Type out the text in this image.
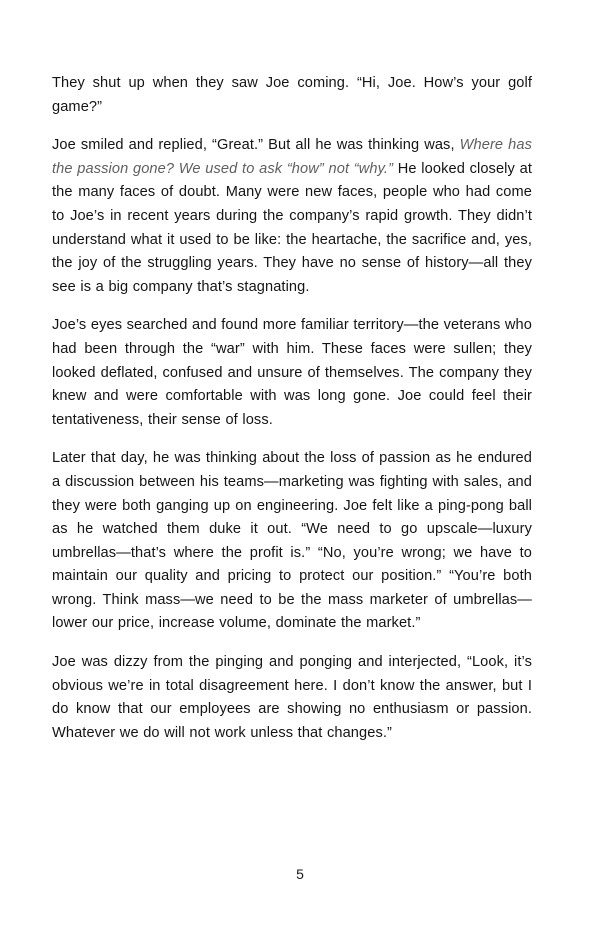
They shut up when they saw Joe coming. “Hi, Joe. How’s your golf game?”

Joe smiled and replied, “Great.” But all he was thinking was, Where has the passion gone? We used to ask “how” not “why.” He looked closely at the many faces of doubt. Many were new faces, people who had come to Joe’s in recent years during the company’s rapid growth. They didn’t understand what it used to be like: the heartache, the sacrifice and, yes, the joy of the struggling years. They have no sense of history—all they see is a big company that’s stagnating.

Joe’s eyes searched and found more familiar territory—the veterans who had been through the “war” with him. These faces were sullen; they looked deflated, confused and unsure of themselves. The company they knew and were comfortable with was long gone. Joe could feel their tentativeness, their sense of loss.

Later that day, he was thinking about the loss of passion as he endured a discussion between his teams—marketing was fighting with sales, and they were both ganging up on engineering. Joe felt like a ping-pong ball as he watched them duke it out. “We need to go upscale—luxury umbrellas—that’s where the profit is.” “No, you’re wrong; we have to maintain our quality and pricing to protect our position.” “You’re both wrong. Think mass—we need to be the mass marketer of umbrellas—lower our price, increase volume, dominate the market.”

Joe was dizzy from the pinging and ponging and interjected, “Look, it’s obvious we’re in total disagreement here. I don’t know the answer, but I do know that our employees are showing no enthusiasm or passion. Whatever we do will not work unless that changes.”

5
